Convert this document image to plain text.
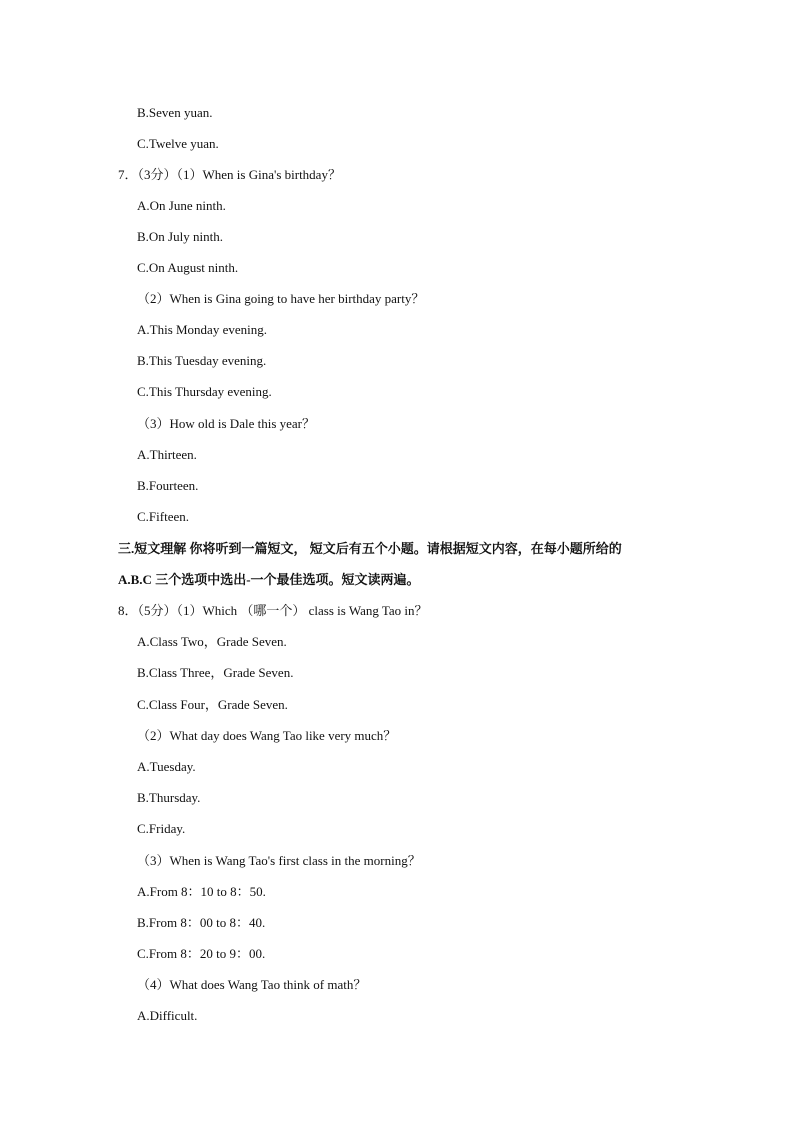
B.Seven yuan.
C.Twelve yuan.
7．（3分）（1）When is Gina's birthday？
A.On June ninth.
B.On July ninth.
C.On August ninth.
（2）When is Gina going to have her birthday party？
A.This Monday evening.
B.This Tuesday evening.
C.This Thursday evening.
（3）How old is Dale this year？
A.Thirteen.
B.Fourteen.
C.Fifteen.
三.短文理解 你将听到一篇短文， 短文后有五个小题。请根据短文内容，在每小题所给的
A.B.C 三个选项中选出-一个最佳选项。短文读两遍。
8．（5分）（1）Which （哪一个） class is Wang Tao in？
A.Class Two，Grade Seven.
B.Class Three，Grade Seven.
C.Class Four，Grade Seven.
（2）What day does Wang Tao like very much？
A.Tuesday.
B.Thursday.
C.Friday.
（3）When is Wang Tao's first class in the morning？
A.From 8：10 to 8：50.
B.From 8：00 to 8：40.
C.From 8：20 to 9：00.
（4）What does Wang Tao think of math？
A.Difficult.
